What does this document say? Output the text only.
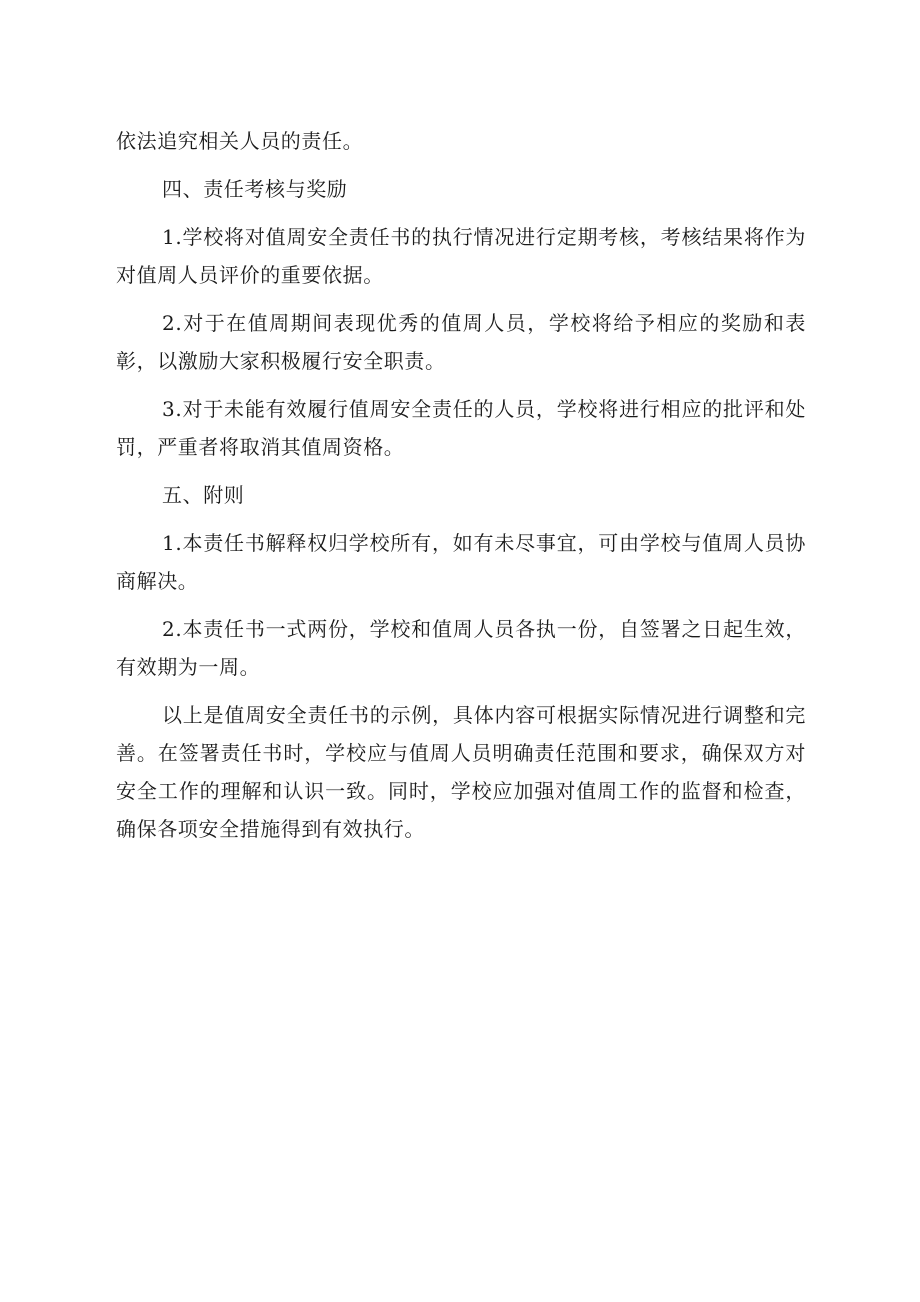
依法追究相关人员的责任。

四、责任考核与奖励

1.学校将对值周安全责任书的执行情况进行定期考核，考核结果将作为对值周人员评价的重要依据。

2.对于在值周期间表现优秀的值周人员，学校将给予相应的奖励和表彰，以激励大家积极履行安全职责。

3.对于未能有效履行值周安全责任的人员，学校将进行相应的批评和处罚，严重者将取消其值周资格。

五、附则

1.本责任书解释权归学校所有，如有未尽事宜，可由学校与值周人员协商解决。

2.本责任书一式两份，学校和值周人员各执一份，自签署之日起生效，有效期为一周。

以上是值周安全责任书的示例，具体内容可根据实际情况进行调整和完善。在签署责任书时，学校应与值周人员明确责任范围和要求，确保双方对安全工作的理解和认识一致。同时，学校应加强对值周工作的监督和检查，确保各项安全措施得到有效执行。
